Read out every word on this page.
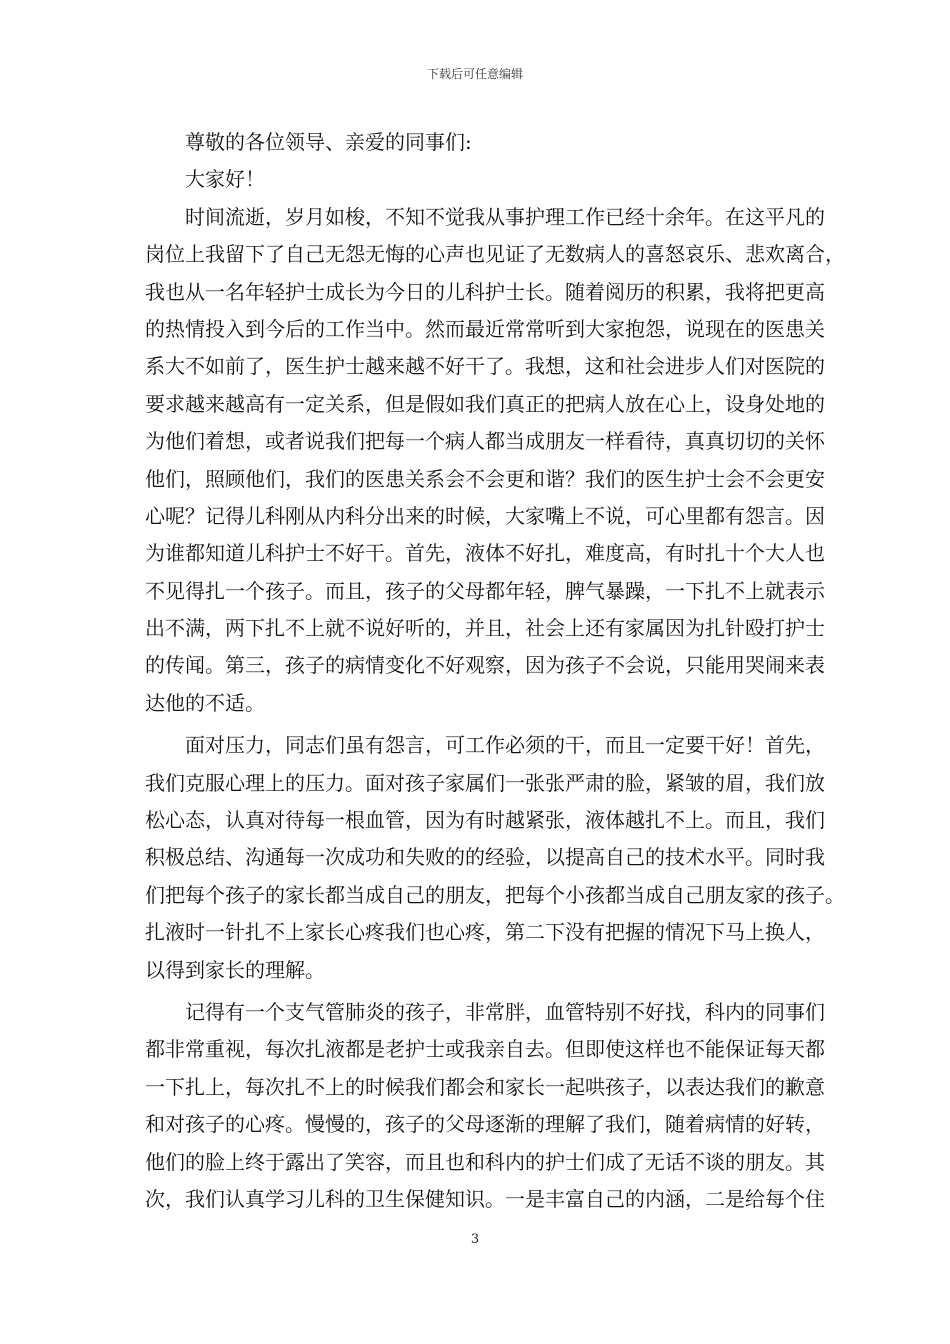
下载后可任意编辑
尊敬的各位领导、亲爱的同事们:
大家好！
时间流逝，岁月如梭，不知不觉我从事护理工作已经十余年。在这平凡的
岗位上我留下了自己无怨无悔的心声也见证了无数病人的喜怒哀乐、悲欢离合，
我也从一名年轻护士成长为今日的儿科护士长。随着阅历的积累，我将把更高
的热情投入到今后的工作当中。然而最近常常听到大家抱怨，说现在的医患关
系大不如前了，医生护士越来越不好干了。我想，这和社会进步人们对医院的
要求越来越高有一定关系，但是假如我们真正的把病人放在心上，设身处地的
为他们着想，或者说我们把每一个病人都当成朋友一样看待，真真切切的关怀
他们，照顾他们，我们的医患关系会不会更和谐？我们的医生护士会不会更安
心呢？记得儿科刚从内科分出来的时候，大家嘴上不说，可心里都有怨言。因
为谁都知道儿科护士不好干。首先，液体不好扎，难度高，有时扎十个大人也
不见得扎一个孩子。而且，孩子的父母都年轻，脾气暴躁，一下扎不上就表示
出不满，两下扎不上就不说好听的，并且，社会上还有家属因为扎针殴打护士
的传闻。第三，孩子的病情变化不好观察，因为孩子不会说，只能用哭闹来表
达他的不适。
面对压力，同志们虽有怨言，可工作必须的干，而且一定要干好！首先，
我们克服心理上的压力。面对孩子家属们一张张严肃的脸，紧皱的眉，我们放
松心态，认真对待每一根血管，因为有时越紧张，液体越扎不上。而且，我们
积极总结、沟通每一次成功和失败的的经验，以提高自己的技术水平。同时我
们把每个孩子的家长都当成自己的朋友，把每个小孩都当成自己朋友家的孩子。
扎液时一针扎不上家长心疼我们也心疼，第二下没有把握的情况下马上换人，
以得到家长的理解。
记得有一个支气管肺炎的孩子，非常胖，血管特别不好找，科内的同事们
都非常重视，每次扎液都是老护士或我亲自去。但即使这样也不能保证每天都
一下扎上，每次扎不上的时候我们都会和家长一起哄孩子，以表达我们的歉意
和对孩子的心疼。慢慢的，孩子的父母逐渐的理解了我们，随着病情的好转，
他们的脸上终于露出了笑容，而且也和科内的护士们成了无话不谈的朋友。其
次，我们认真学习儿科的卫生保健知识。一是丰富自己的内涵，二是给每个住
3
